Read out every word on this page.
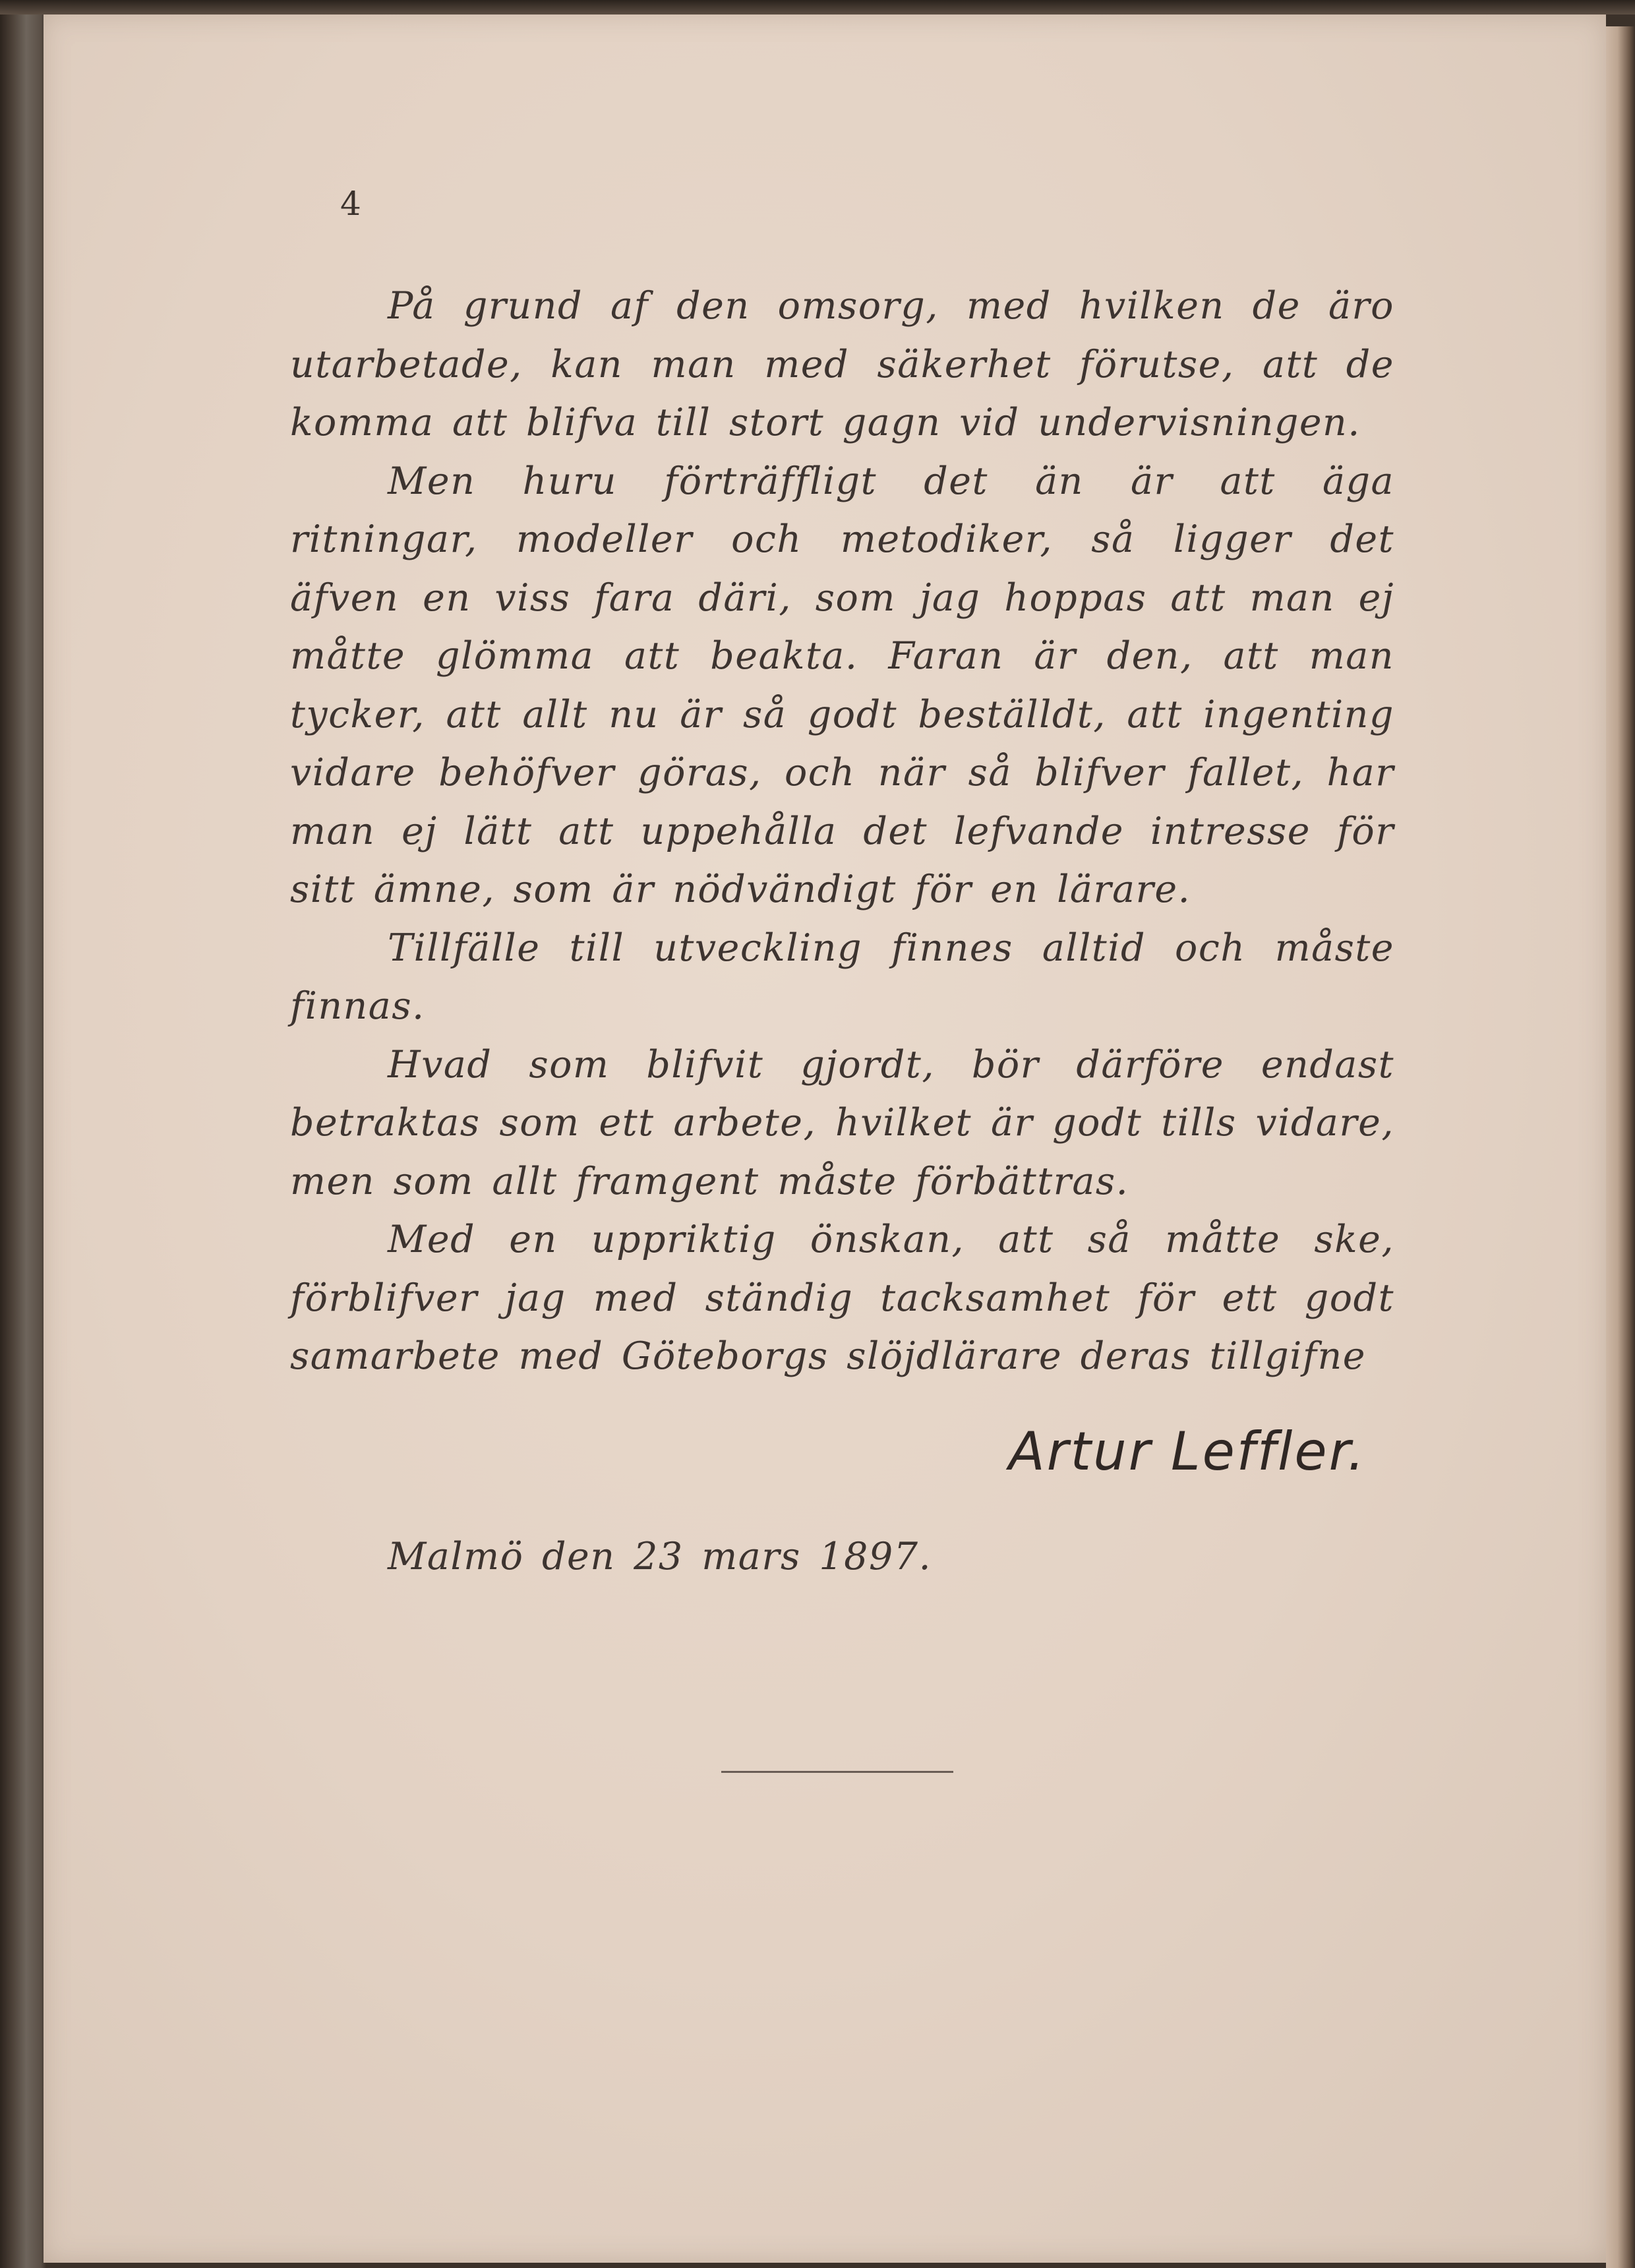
4

På grund af den omsorg, med hvilken de äro utarbetade, kan man med säkerhet förutse, att de komma att blifva till stort gagn vid undervisningen.

Men huru förträffligt det än är att äga ritningar, modeller och metodiker, så ligger det äfven en viss fara däri, som jag hoppas att man ej måtte glömma att beakta. Faran är den, att man tycker, att allt nu är så godt beställdt, att ingenting vidare behöfver göras, och när så blifver fallet, har man ej lätt att uppehålla det lefvande intresse för sitt ämne, som är nödvändigt för en lärare.

Tillfälle till utveckling finnes alltid och måste finnas.

Hvad som blifvit gjordt, bör därföre endast betraktas som ett arbete, hvilket är godt tills vidare, men som allt framgent måste förbättras.

Med en uppriktig önskan, att så måtte ske, förblifver jag med ständig tacksamhet för ett godt samarbete med Göteborgs slöjdlärare deras tillgifne

Artur Leffler.
Malmö den 23 mars 1897.
